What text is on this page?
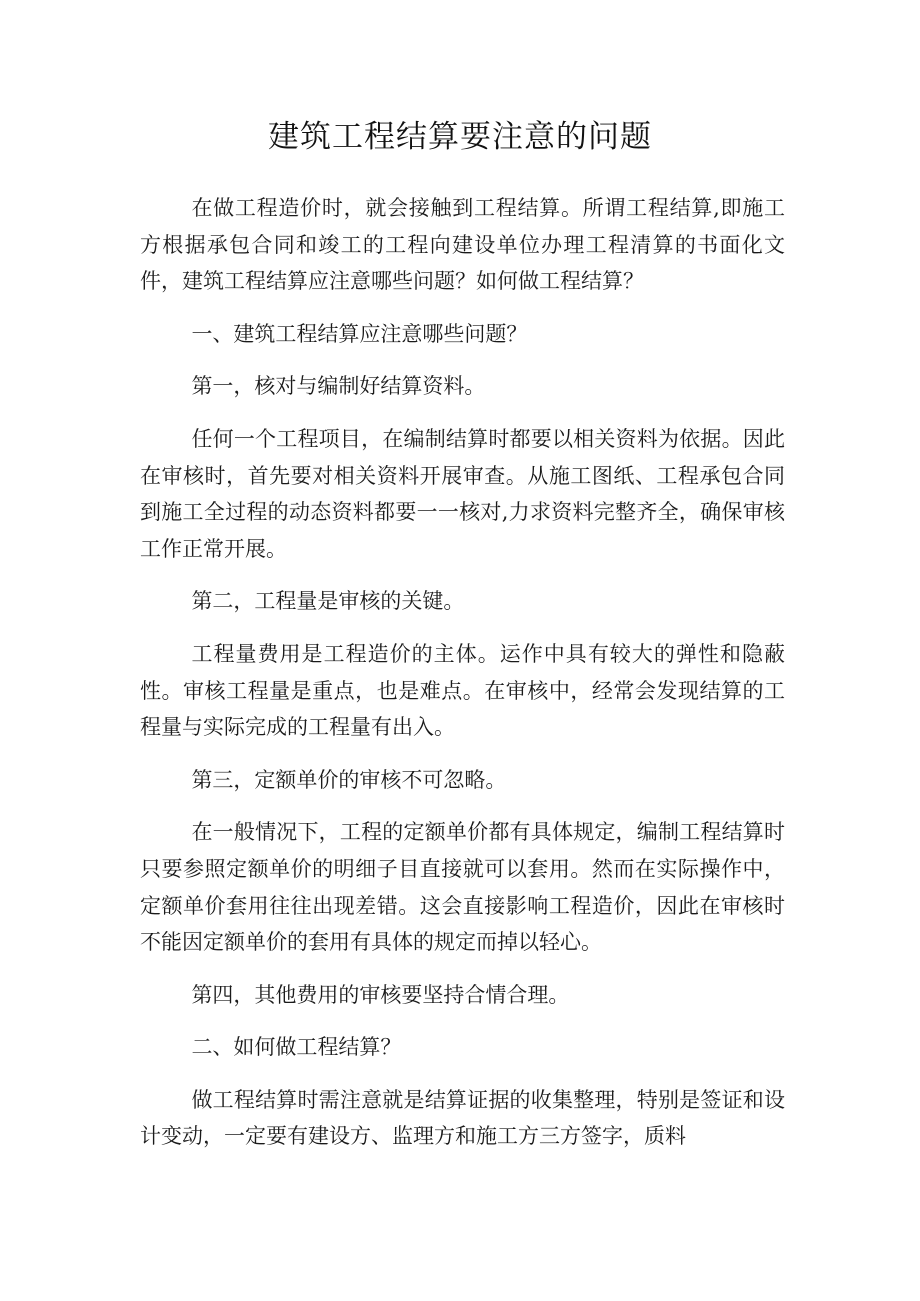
建筑工程结算要注意的问题

在做工程造价时，就会接触到工程结算。所谓工程结算,即施工方根据承包合同和竣工的工程向建设单位办理工程清算的书面化文件，建筑工程结算应注意哪些问题？如何做工程结算？

一、建筑工程结算应注意哪些问题？

第一，核对与编制好结算资料。

任何一个工程项目，在编制结算时都要以相关资料为依据。因此在审核时，首先要对相关资料开展审查。从施工图纸、工程承包合同到施工全过程的动态资料都要一一核对,力求资料完整齐全，确保审核工作正常开展。

第二，工程量是审核的关键。

工程量费用是工程造价的主体。运作中具有较大的弹性和隐蔽性。审核工程量是重点，也是难点。在审核中，经常会发现结算的工程量与实际完成的工程量有出入。

第三，定额单价的审核不可忽略。

在一般情况下，工程的定额单价都有具体规定，编制工程结算时只要参照定额单价的明细子目直接就可以套用。然而在实际操作中，定额单价套用往往出现差错。这会直接影响工程造价，因此在审核时不能因定额单价的套用有具体的规定而掉以轻心。

第四，其他费用的审核要坚持合情合理。

二、如何做工程结算？

做工程结算时需注意就是结算证据的收集整理，特别是签证和设计变动，一定要有建设方、监理方和施工方三方签字，质料
